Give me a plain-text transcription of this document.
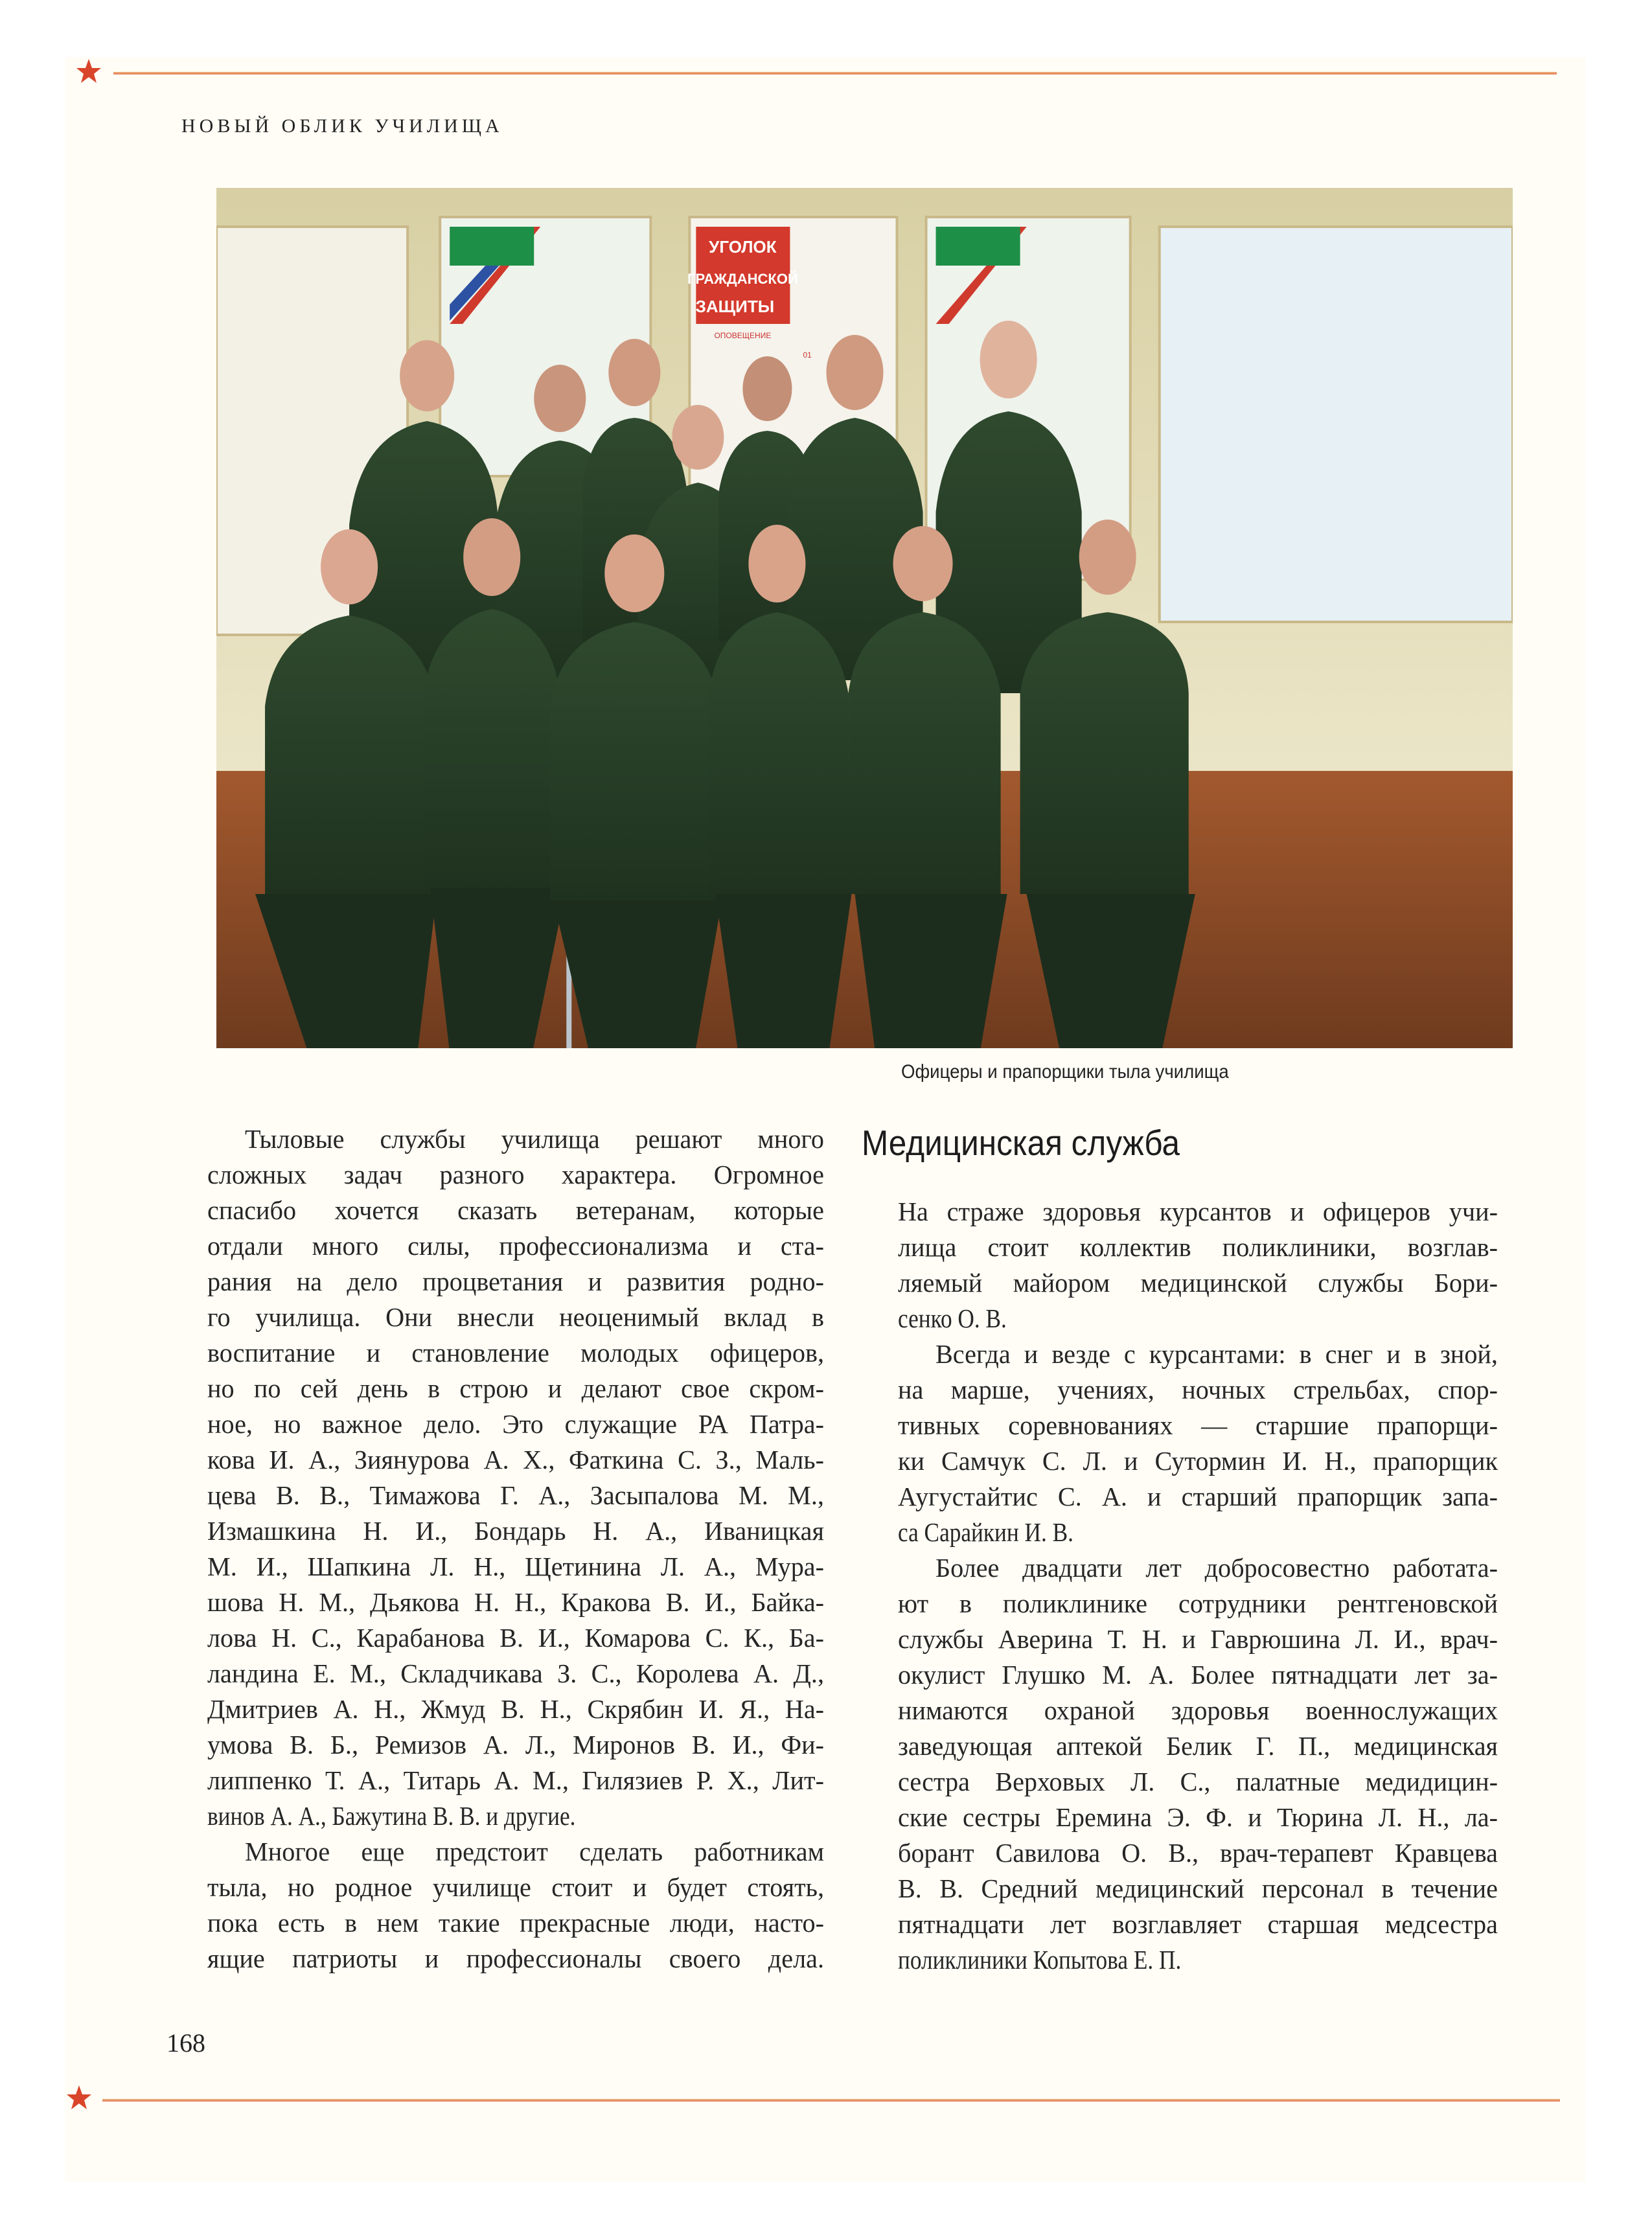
НОВЫЙ ОБЛИК УЧИЛИЩА
УГОЛОК
ГРАЖДАНСКОЙ
ЗАЩИТЫ
ОПОВЕЩЕНИЕ
01
Офицеры и прапорщики тыла училища
Медицинская служба
Тыловые службы училища решают много
сложных задач разного характера. Огромное
спасибо хочется сказать ветеранам, которые
отдали много силы, профессионализма и ста-
рания на дело процветания и развития родно-
го училища. Они внесли неоценимый вклад в
воспитание и становление молодых офицеров,
но по сей день в строю и делают свое скром-
ное, но важное дело. Это служащие РА Патра-
кова И. А., Зиянурова А. Х., Фаткина С. З., Маль-
цева В. В., Тимажова Г. А., Засыпалова М. М.,
Измашкина Н. И., Бондарь Н. А., Иваницкая
М. И., Шапкина Л. Н., Щетинина Л. А., Мура-
шова Н. М., Дьякова Н. Н., Кракова В. И., Байка-
лова Н. С., Карабанова В. И., Комарова С. К., Ба-
ландина Е. М., Складчикава З. С., Королева А. Д.,
Дмитриев А. Н., Жмуд В. Н., Скрябин И. Я., На-
умова В. Б., Ремизов А. Л., Миронов В. И., Фи-
липпенко Т. А., Титарь А. М., Гилязиев Р. Х., Лит-
винов А. А., Бажутина В. В. и другие.
Многое еще предстоит сделать работникам
тыла, но родное училище стоит и будет стоять,
пока есть в нем такие прекрасные люди, насто-
ящие патриоты и профессионалы своего дела.
На страже здоровья курсантов и офицеров учи-
лища стоит коллектив поликлиники, возглав-
ляемый майором медицинской службы Бори-
сенко О. В.
Всегда и везде с курсантами: в снег и в зной,
на марше, учениях, ночных стрельбах, спор-
тивных соревнованиях — старшие прапорщи-
ки Самчук С. Л. и Сутормин И. Н., прапорщик
Аугустайтис С. А. и старший прапорщик запа-
са Сарайкин И. В.
Более двадцати лет добросовестно работата-
ют в поликлинике сотрудники рентгеновской
службы Аверина Т. Н. и Гаврюшина Л. И., врач-
окулист Глушко М. А. Более пятнадцати лет за-
нимаются охраной здоровья военнослужащих
заведующая аптекой Белик Г. П., медицинская
сестра Верховых Л. С., палатные медидицин-
ские сестры Еремина Э. Ф. и Тюрина Л. Н., ла-
борант Савилова О. В., врач-терапевт Кравцева
В. В. Средний медицинский персонал в течение
пятнадцати лет возглавляет старшая медсестра
поликлиники Копытова Е. П.
168
